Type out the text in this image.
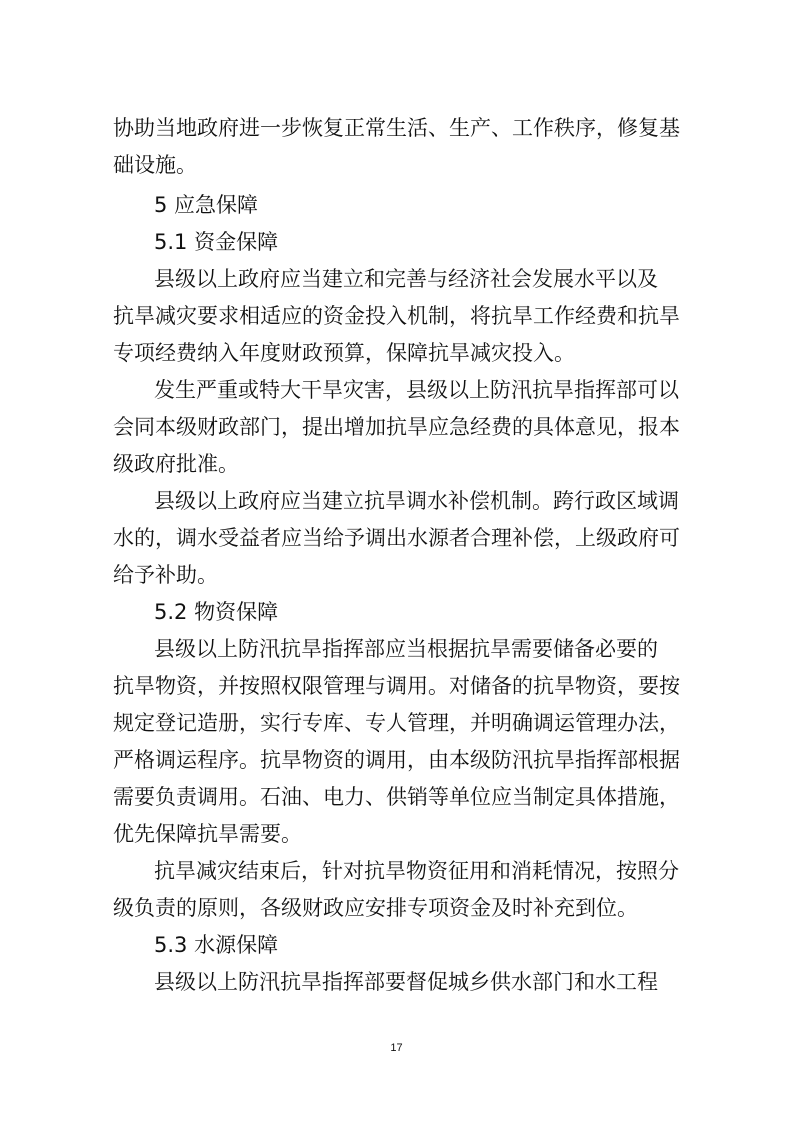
协助当地政府进一步恢复正常生活、生产、工作秩序，修复基
础设施。
5 应急保障
5.1 资金保障
县级以上政府应当建立和完善与经济社会发展水平以及
抗旱减灾要求相适应的资金投入机制，将抗旱工作经费和抗旱
专项经费纳入年度财政预算，保障抗旱减灾投入。
发生严重或特大干旱灾害，县级以上防汛抗旱指挥部可以
会同本级财政部门，提出增加抗旱应急经费的具体意见，报本
级政府批准。
县级以上政府应当建立抗旱调水补偿机制。跨行政区域调
水的，调水受益者应当给予调出水源者合理补偿，上级政府可
给予补助。
5.2 物资保障
县级以上防汛抗旱指挥部应当根据抗旱需要储备必要的
抗旱物资，并按照权限管理与调用。对储备的抗旱物资，要按
规定登记造册，实行专库、专人管理，并明确调运管理办法，
严格调运程序。抗旱物资的调用，由本级防汛抗旱指挥部根据
需要负责调用。石油、电力、供销等单位应当制定具体措施，
优先保障抗旱需要。
抗旱减灾结束后，针对抗旱物资征用和消耗情况，按照分
级负责的原则，各级财政应安排专项资金及时补充到位。
5.3 水源保障
县级以上防汛抗旱指挥部要督促城乡供水部门和水工程
17
